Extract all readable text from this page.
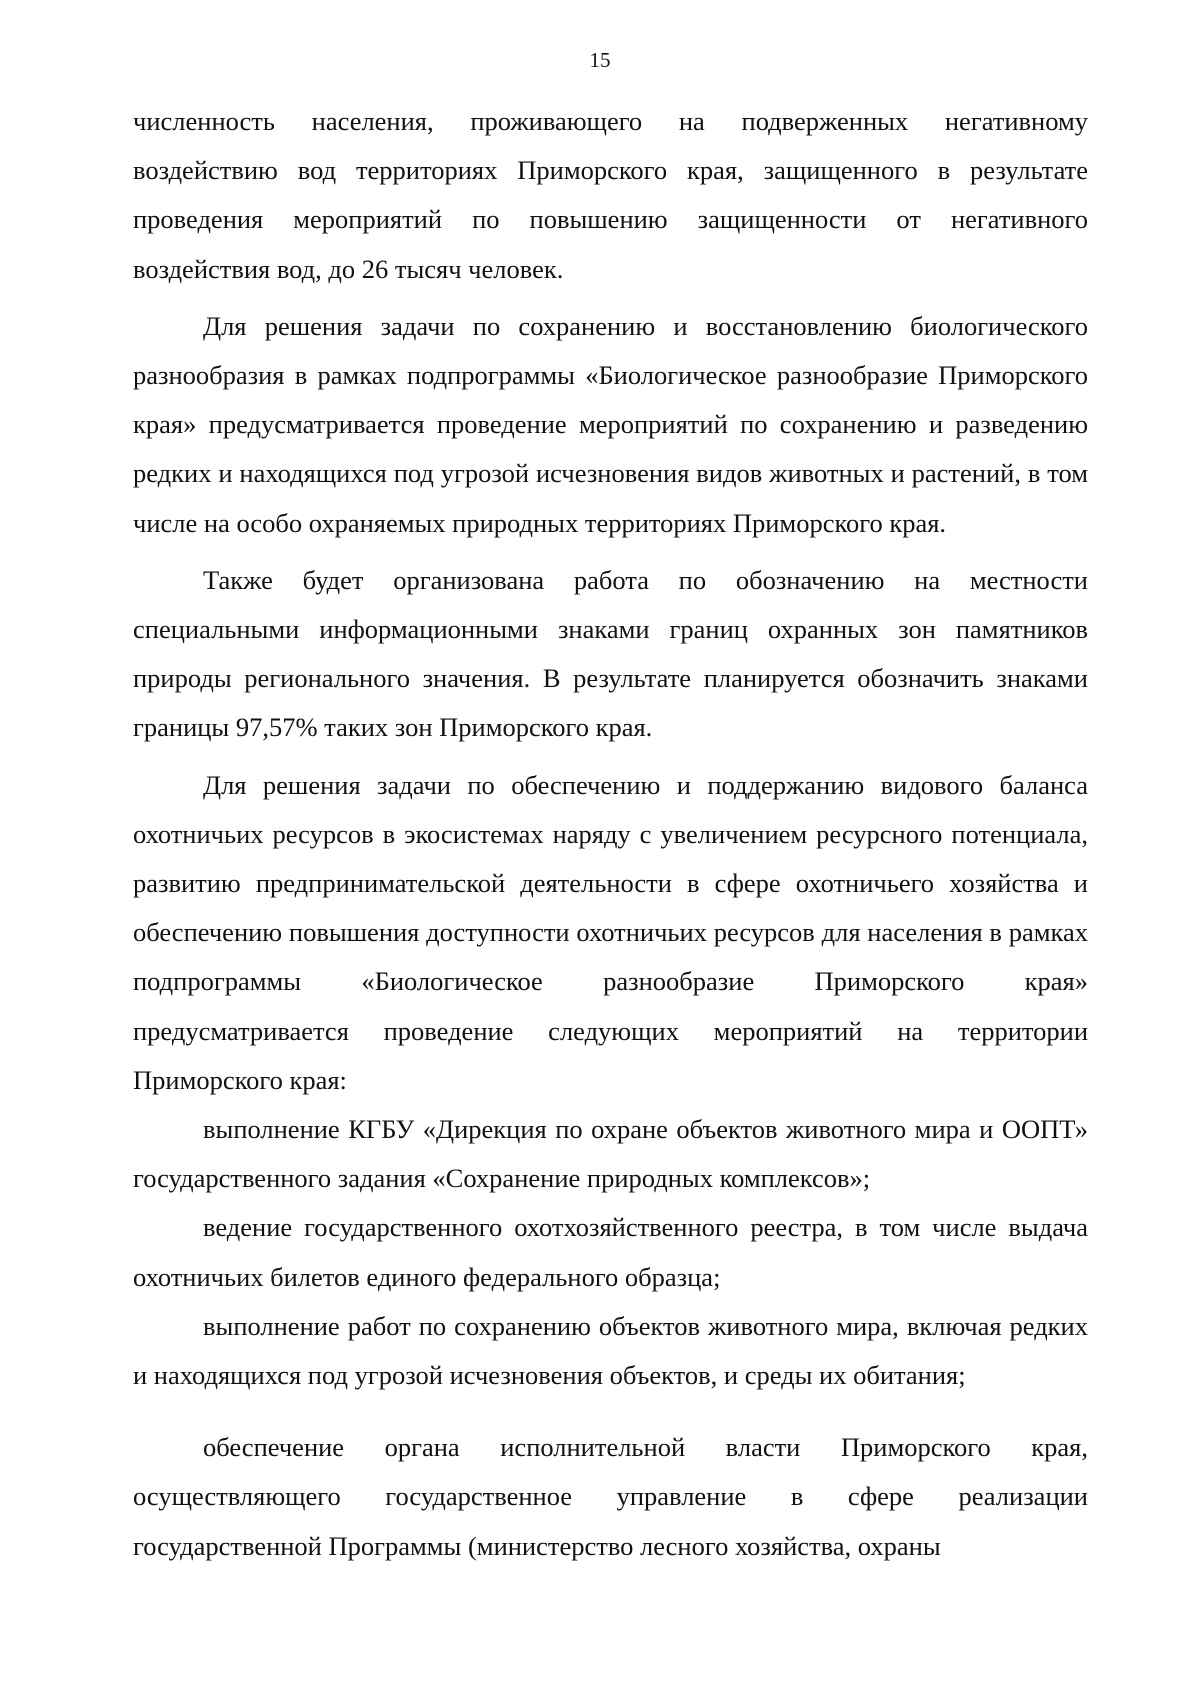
15

численность населения, проживающего на подверженных негативному воздействию вод территориях Приморского края, защищенного в результате проведения мероприятий по повышению защищенности от негативного воздействия вод, до 26 тысяч человек.

Для решения задачи по сохранению и восстановлению биологического разнообразия в рамках подпрограммы «Биологическое разнообразие Приморского края» предусматривается проведение мероприятий по сохранению и разведению редких и находящихся под угрозой исчезновения видов животных и растений, в том числе на особо охраняемых природных территориях Приморского края.

Также будет организована работа по обозначению на местности специальными информационными знаками границ охранных зон памятников природы регионального значения. В результате планируется обозначить знаками границы 97,57% таких зон Приморского края.

Для решения задачи по обеспечению и поддержанию видового баланса охотничьих ресурсов в экосистемах наряду с увеличением ресурсного потенциала, развитию предпринимательской деятельности в сфере охотничьего хозяйства и обеспечению повышения доступности охотничьих ресурсов для населения в рамках подпрограммы «Биологическое разнообразие Приморского края» предусматривается проведение следующих мероприятий на территории Приморского края:

выполнение КГБУ «Дирекция по охране объектов животного мира и ООПТ» государственного задания «Сохранение природных комплексов»;

ведение государственного охотхозяйственного реестра, в том числе выдача охотничьих билетов единого федерального образца;

выполнение работ по сохранению объектов животного мира, включая редких и находящихся под угрозой исчезновения объектов, и среды их обитания;

обеспечение органа исполнительной власти Приморского края, осуществляющего государственное управление в сфере реализации государственной Программы (министерство лесного хозяйства, охраны
